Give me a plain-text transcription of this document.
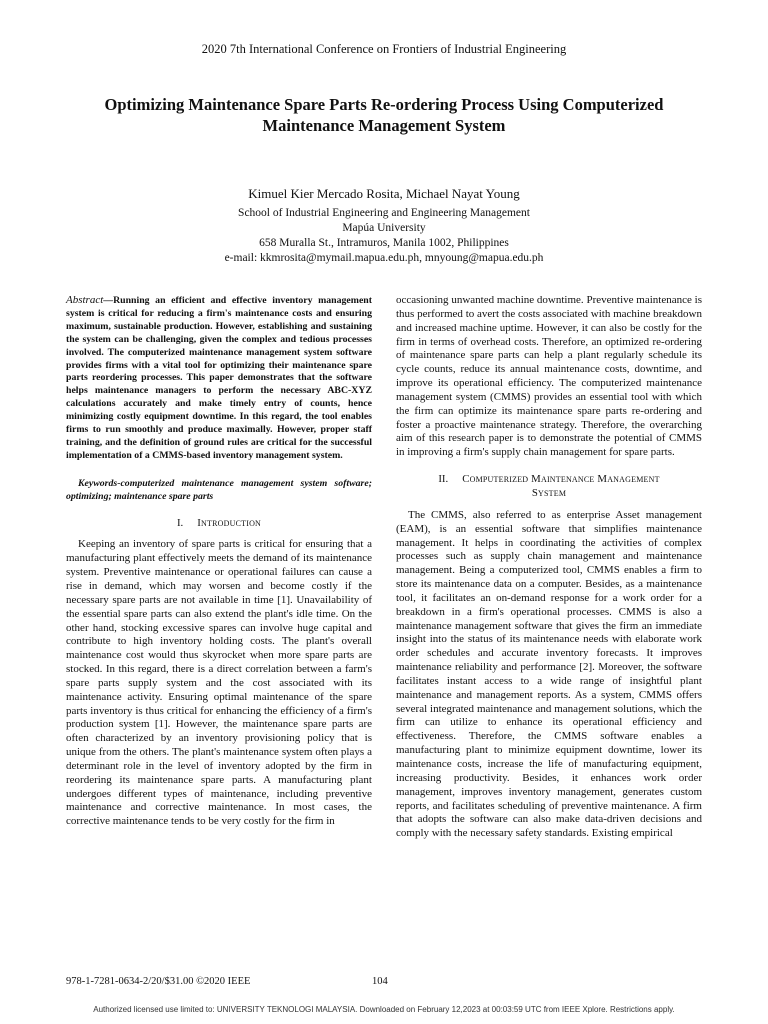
2020 7th International Conference on Frontiers of Industrial Engineering
Optimizing Maintenance Spare Parts Re-ordering Process Using Computerized
Maintenance Management System
Kimuel Kier Mercado Rosita, Michael Nayat Young
School of Industrial Engineering and Engineering Management
Mapúa University
658 Muralla St., Intramuros, Manila 1002, Philippines
e-mail: kkmrosita@mymail.mapua.edu.ph, mnyoung@mapua.edu.ph

Abstract—Running an efficient and effective inventory management system is critical for reducing a firm's maintenance costs and ensuring maximum, sustainable production. However, establishing and sustaining the system can be challenging, given the complex and tedious processes involved. The computerized maintenance management system software provides firms with a vital tool for optimizing their maintenance spare parts reordering processes. This paper demonstrates that the software helps maintenance managers to perform the necessary ABC-XYZ calculations accurately and make timely entry of counts, hence minimizing costly equipment downtime. In this regard, the tool enables firms to run smoothly and produce maximally. However, proper staff training, and the definition of ground rules are critical for the successful implementation of a CMMS-based inventory management system.

Keywords-computerized maintenance management system software; optimizing; maintenance spare parts

I. Introduction

Keeping an inventory of spare parts is critical for ensuring that a manufacturing plant effectively meets the demand of its maintenance system. Preventive maintenance or operational failures can cause a rise in demand, which may worsen and become costly if the necessary spare parts are not available in time [1]. Unavailability of the essential spare parts can also extend the plant's idle time. On the other hand, stocking excessive spares can involve huge capital and contribute to high inventory holding costs. The plant's overall maintenance cost would thus skyrocket when more spare parts are stocked. In this regard, there is a direct correlation between a farm's spare parts supply system and the cost associated with its maintenance activity. Ensuring optimal maintenance of the spare parts inventory is thus critical for enhancing the efficiency of a firm's production system [1]. However, the maintenance spare parts are often characterized by an inventory provisioning policy that is unique from the others. The plant's maintenance system often plays a determinant role in the level of inventory adopted by the firm in reordering its maintenance spare parts. A manufacturing plant undergoes different types of maintenance, including preventive maintenance and corrective maintenance. In most cases, the corrective maintenance tends to be very costly for the firm in

occasioning unwanted machine downtime. Preventive maintenance is thus performed to avert the costs associated with machine breakdown and increased machine uptime. However, it can also be costly for the firm in terms of overhead costs. Therefore, an optimized re-ordering of maintenance spare parts can help a plant regularly schedule its cycle counts, reduce its annual maintenance costs, downtime, and improve its operational efficiency. The computerized maintenance management system (CMMS) provides an essential tool with which the firm can optimize its maintenance spare parts re-ordering and foster a proactive maintenance strategy. Therefore, the overarching aim of this research paper is to demonstrate the potential of CMMS in improving a firm's supply chain management for spare parts.

II. Computerized Maintenance Management
System

The CMMS, also referred to as enterprise Asset management (EAM), is an essential software that simplifies maintenance management. It helps in coordinating the activities of complex processes such as supply chain management and maintenance management. Being a computerized tool, CMMS enables a firm to store its maintenance data on a computer. Besides, as a maintenance tool, it facilitates an on-demand response for a work order for a breakdown in a firm's operational processes. CMMS is also a maintenance management software that gives the firm an immediate insight into the status of its maintenance needs with elaborate work order schedules and accurate inventory forecasts. It improves maintenance reliability and performance [2]. Moreover, the software facilitates instant access to a wide range of insightful plant maintenance and management reports. As a system, CMMS offers several integrated maintenance and management solutions, which the firm can utilize to enhance its operational efficiency and effectiveness. Therefore, the CMMS software enables a manufacturing plant to minimize equipment downtime, lower its maintenance costs, increase the life of manufacturing equipment, increasing productivity. Besides, it enhances work order management, improves inventory management, generates custom reports, and facilitates scheduling of preventive maintenance. A firm that adopts the software can also make data-driven decisions and comply with the necessary safety standards. Existing empirical

978-1-7281-0634-2/20/$31.00 ©2020 IEEE	104
Authorized licensed use limited to: UNIVERSITY TEKNOLOGI MALAYSIA. Downloaded on February 12,2023 at 00:03:59 UTC from IEEE Xplore. Restrictions apply.
